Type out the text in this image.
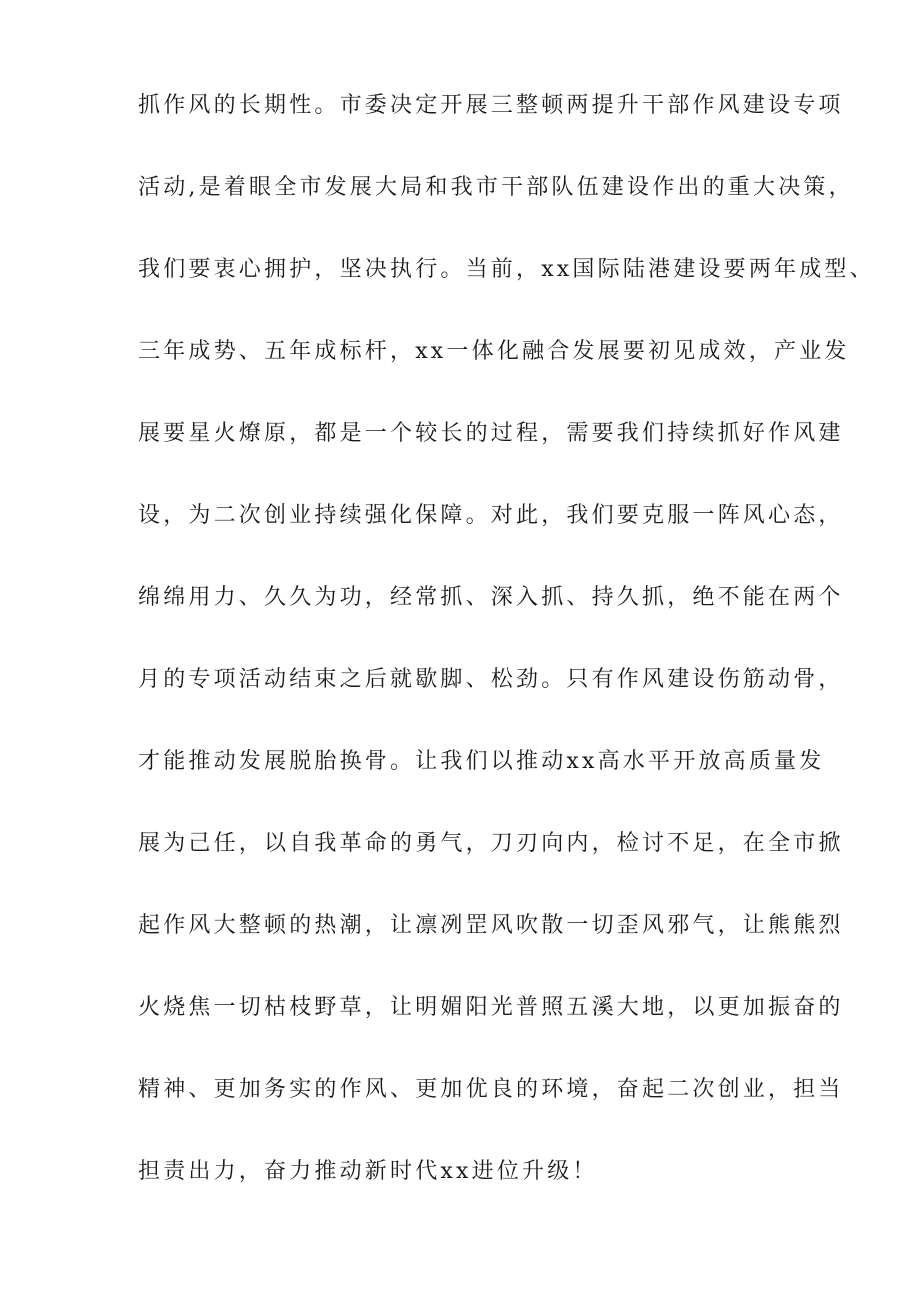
抓作风的长期性。市委决定开展三整顿两提升干部作风建设专项
活动,是着眼全市发展大局和我市干部队伍建设作出的重大决策，
我们要衷心拥护，坚决执行。当前，xx国际陆港建设要两年成型、
三年成势、五年成标杆，xx一体化融合发展要初见成效，产业发
展要星火燎原，都是一个较长的过程，需要我们持续抓好作风建
设，为二次创业持续强化保障。对此，我们要克服一阵风心态，
绵绵用力、久久为功，经常抓、深入抓、持久抓，绝不能在两个
月的专项活动结束之后就歇脚、松劲。只有作风建设伤筋动骨，
才能推动发展脱胎换骨。让我们以推动xx高水平开放高质量发
展为己任，以自我革命的勇气，刀刃向内，检讨不足，在全市掀
起作风大整顿的热潮，让凛冽罡风吹散一切歪风邪气，让熊熊烈
火烧焦一切枯枝野草，让明媚阳光普照五溪大地，以更加振奋的
精神、更加务实的作风、更加优良的环境，奋起二次创业，担当
担责出力，奋力推动新时代xx进位升级！
